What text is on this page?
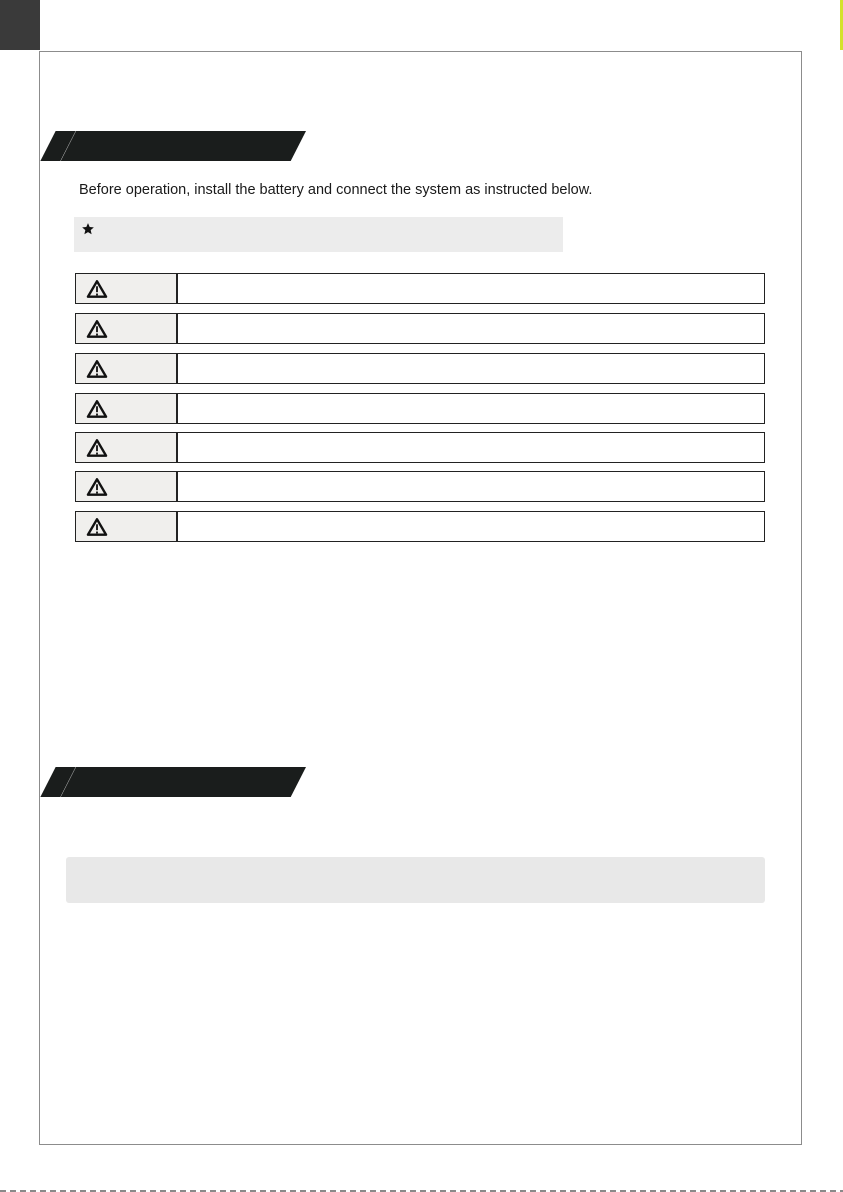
Before operation, install the battery and connect the system as instructed below.
